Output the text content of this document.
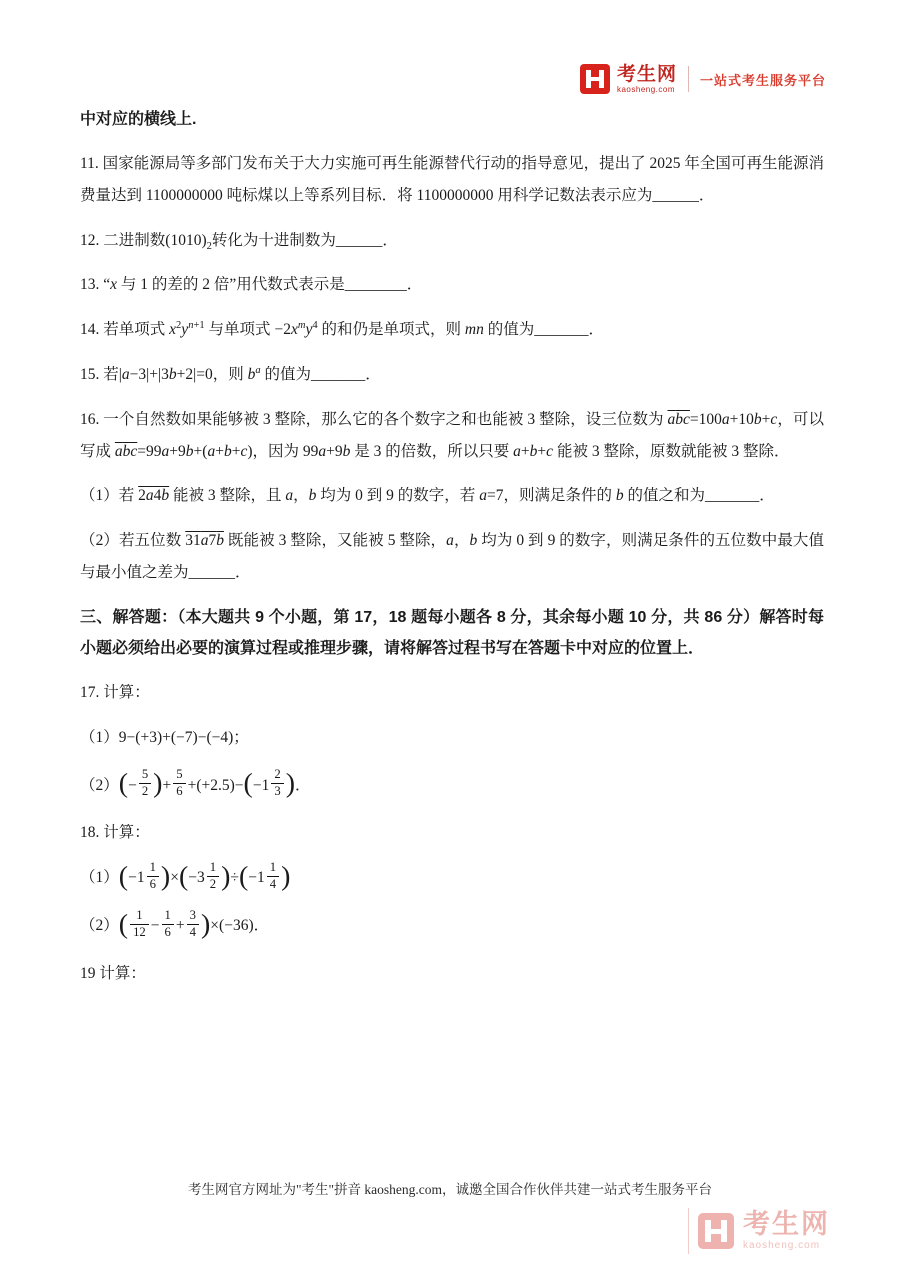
考生网
kaosheng.com
一站式考生服务平台
中对应的横线上.
11. 国家能源局等多部门发布关于大力实施可再生能源替代行动的指导意见，提出了 2025 年全国可再生能源消费量达到 1100000000 吨标煤以上等系列目标．将 1100000000 用科学记数法表示应为______．
12. 二进制数$(1010)_2$转化为十进制数为______．
13. “x 与 1 的差的 2 倍”用代数式表示是________．
14. 若单项式 $x^2y^{n+1}$ 与单项式 $-2x^my^4$ 的和仍是单项式，则 mn 的值为_______．
15. 若|a−3|+|3b+2|=0，则 $b^a$ 的值为_______．
16. 一个自然数如果能够被 3 整除，那么它的各个数字之和也能被 3 整除，设三位数为 abc=100a+10b+c，可以写成 abc=99a+9b+(a+b+c)，因为 99a+9b 是 3 的倍数，所以只要 a+b+c 能被 3 整除，原数就能被 3 整除．
（1）若 2a4b 能被 3 整除，且 a，b 均为 0 到 9 的数字，若 a=7，则满足条件的 b 的值之和为_______．
（2）若五位数 31a7b 既能被 3 整除，又能被 5 整除，a，b 均为 0 到 9 的数字，则满足条件的五位数中最大值与最小值之差为______．
三、解答题：（本大题共 9 个小题，第 17，18 题每小题各 8 分，其余每小题 10 分，共 86 分）解答时每小题必须给出必要的演算过程或推理步骤，请将解答过程书写在答题卡中对应的位置上．
17. 计算：
（1）9−(+3)+(−7)−(−4)；
$(2)(- \frac{5}{2}$ )+ $\frac{5}{6} +(+2.5)-(-1 \frac{2}{3}$ )．
18. 计算：
$(1)(-1 \frac{1}{6} )\times(-3 \frac{1}{2} )\div(-1 \frac{1}{4}$ )
$(2)( \frac{1}{12} - \frac{1}{6} + \frac{3}{4} )\times(-36)$．
19 计算：
考生网官方网址为"考生"拼音 kaosheng.com，诚邀全国合作伙伴共建一站式考生服务平台
考生网
kaosheng.com
